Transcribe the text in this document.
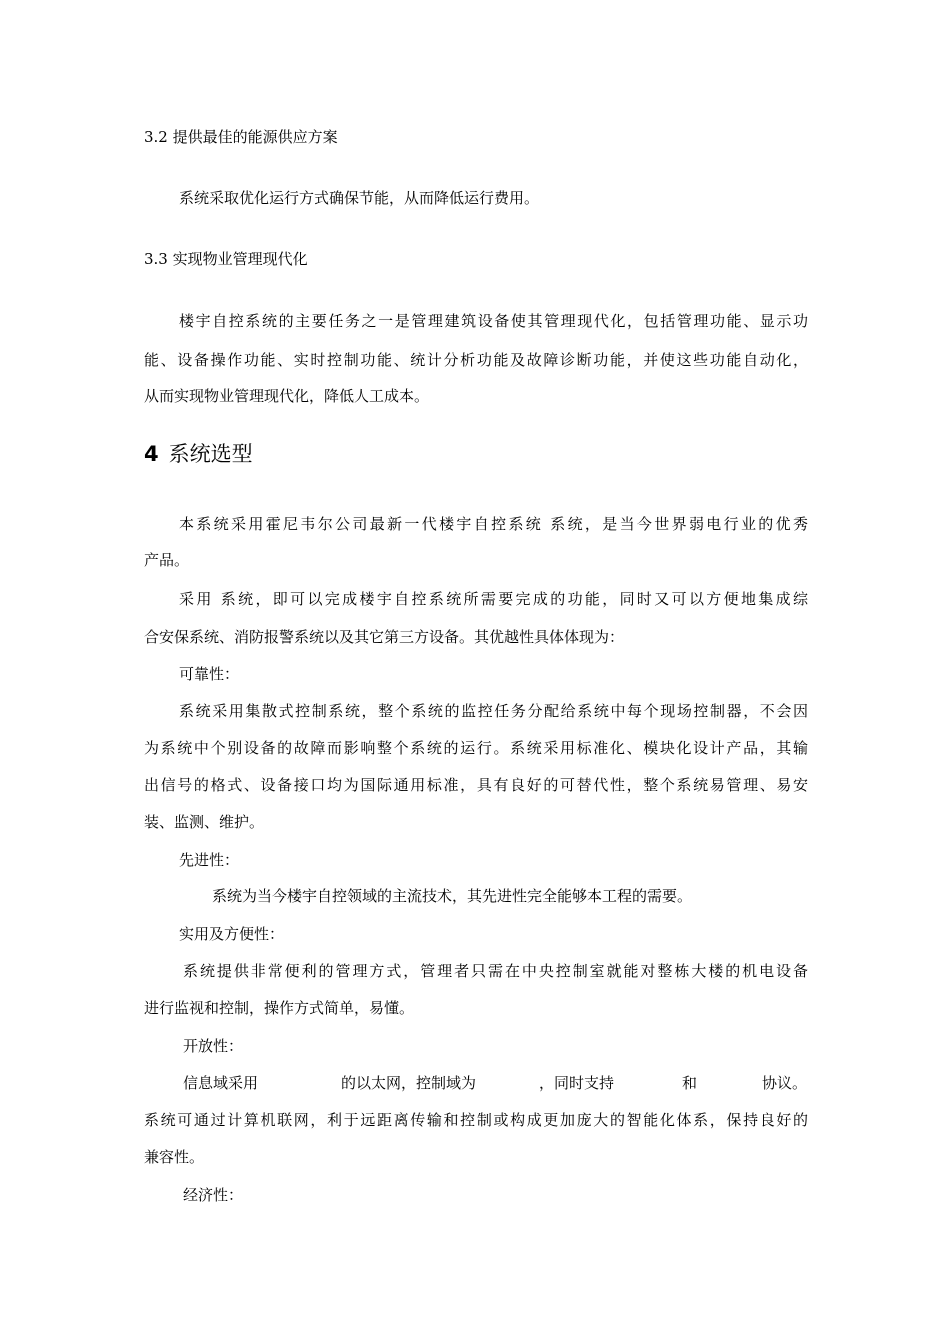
3.2 提供最佳的能源供应方案
系统采取优化运行方式确保节能，从而降低运行费用。
3.3 实现物业管理现代化
楼宇自控系统的主要任务之一是管理建筑设备使其管理现代化，包括管理功能、显示功
能、设备操作功能、实时控制功能、统计分析功能及故障诊断功能，并使这些功能自动化，
从而实现物业管理现代化，降低人工成本。
4 系统选型
本系统采用霍尼韦尔公司最新一代楼宇自控系统 系统，是当今世界弱电行业的优秀
产品。
采用 系统，即可以完成楼宇自控系统所需要完成的功能，同时又可以方便地集成综
合安保系统、消防报警系统以及其它第三方设备。其优越性具体体现为：
可靠性：
系统采用集散式控制系统，整个系统的监控任务分配给系统中每个现场控制器，不会因
为系统中个别设备的故障而影响整个系统的运行。系统采用标准化、模块化设计产品，其输
出信号的格式、设备接口均为国际通用标准，具有良好的可替代性，整个系统易管理、易安
装、监测、维护。
先进性：
系统为当今楼宇自控领域的主流技术，其先进性完全能够本工程的需要。
实用及方便性：
系统提供非常便利的管理方式，管理者只需在中央控制室就能对整栋大楼的机电设备
进行监视和控制，操作方式简单，易懂。
开放性：
信息域采用	的以太网，控制域为	，同时支持	和	协议。
系统可通过计算机联网，利于远距离传输和控制或构成更加庞大的智能化体系，保持良好的
兼容性。
经济性：
